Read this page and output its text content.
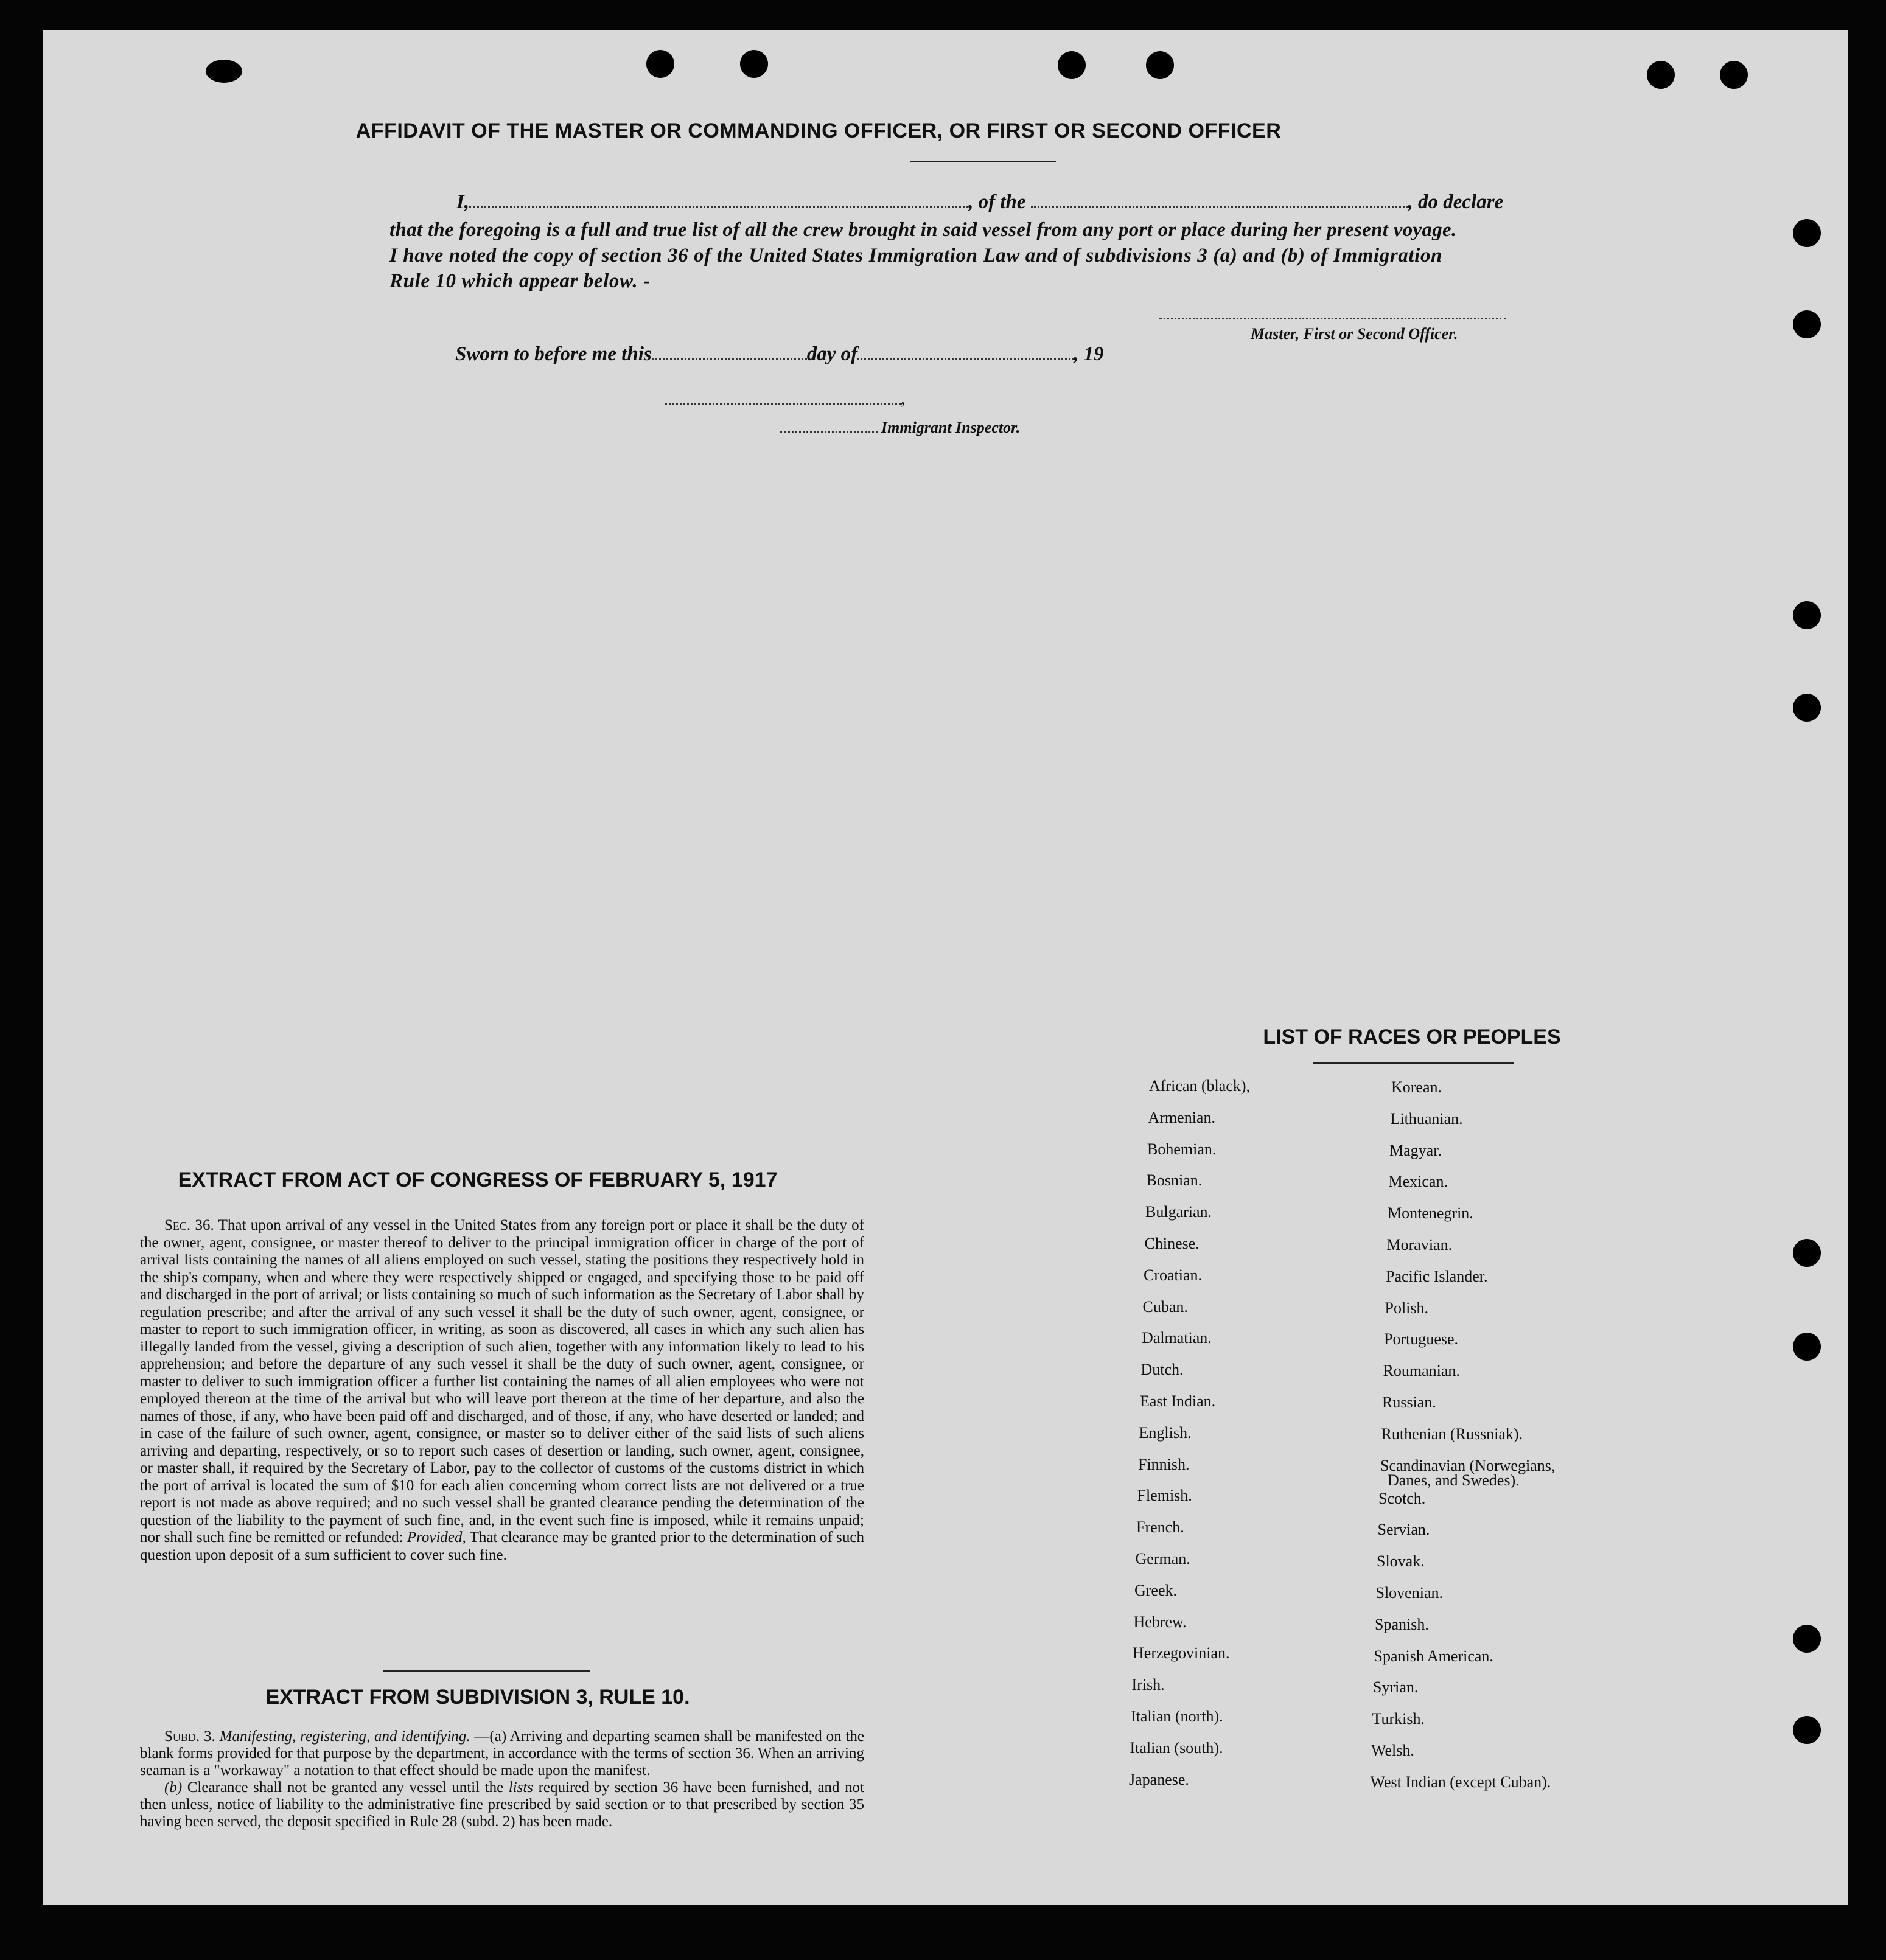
AFFIDAVIT OF THE MASTER OR COMMANDING OFFICER, OR FIRST OR SECOND OFFICER
I,	, of the	, do declare
that the foregoing is a full and true list of all the crew brought in said vessel from any port or place during her present voyage.
I have noted the copy of section 36 of the United States Immigration Law and of subdivisions 3 (a) and (b) of Immigration
Rule 10 which appear below. -
Master, First or Second Officer.
Sworn to before me this	day of	, 19
,
Immigrant Inspector.
EXTRACT FROM ACT OF CONGRESS OF FEBRUARY 5, 1917
Sec. 36. That upon arrival of any vessel in the United States from any foreign port or place it shall be the duty of the owner, agent, consignee, or master thereof to deliver to the principal immigration officer in charge of the port of arrival lists containing the names of all aliens employed on such vessel, stating the positions they respectively hold in the ship's company, when and where they were respectively shipped or engaged, and specifying those to be paid off and discharged in the port of arrival; or lists containing so much of such information as the Secretary of Labor shall by regulation prescribe; and after the arrival of any such vessel it shall be the duty of such owner, agent, consignee, or master to report to such immigration officer, in writing, as soon as discovered, all cases in which any such alien has illegally landed from the vessel, giving a description of such alien, together with any information likely to lead to his apprehension; and before the departure of any such vessel it shall be the duty of such owner, agent, consignee, or master to deliver to such immigration officer a further list containing the names of all alien employees who were not employed thereon at the time of the arrival but who will leave port thereon at the time of her departure, and also the names of those, if any, who have been paid off and discharged, and of those, if any, who have deserted or landed; and in case of the failure of such owner, agent, consignee, or master so to deliver either of the said lists of such aliens arriving and departing, respectively, or so to report such cases of desertion or landing, such owner, agent, consignee, or master shall, if required by the Secretary of Labor, pay to the collector of customs of the customs district in which the port of arrival is located the sum of $10 for each alien concerning whom correct lists are not delivered or a true report is not made as above required; and no such vessel shall be granted clearance pending the determination of the question of the liability to the payment of such fine, and, in the event such fine is imposed, while it remains unpaid; nor shall such fine be remitted or refunded: Provided, That clearance may be granted prior to the determination of such question upon deposit of a sum sufficient to cover such fine.
EXTRACT FROM SUBDIVISION 3, RULE 10.
Subd. 3. Manifesting, registering, and identifying. —(a) Arriving and departing seamen shall be manifested on the blank forms provided for that purpose by the department, in accordance with the terms of section 36. When an arriving seaman is a "workaway" a notation to that effect should be made upon the manifest.
(b) Clearance shall not be granted any vessel until the lists required by section 36 have been furnished, and not then unless, notice of liability to the administrative fine prescribed by said section or to that prescribed by section 35 having been served, the deposit specified in Rule 28 (subd. 2) has been made.
LIST OF RACES OR PEOPLES
African (black),
Armenian.
Bohemian.
Bosnian.
Bulgarian.
Chinese.
Croatian.
Cuban.
Dalmatian.
Dutch.
East Indian.
English.
Finnish.
Flemish.
French.
German.
Greek.
Hebrew.
Herzegovinian.
Irish.
Italian (north).
Italian (south).
Japanese.
Korean.
Lithuanian.
Magyar.
Mexican.
Montenegrin.
Moravian.
Pacific Islander.
Polish.
Portuguese.
Roumanian.
Russian.
Ruthenian (Russniak).
Scandinavian (Norwegians,
Danes, and Swedes).
Scotch.
Servian.
Slovak.
Slovenian.
Spanish.
Spanish American.
Syrian.
Turkish.
Welsh.
West Indian (except Cuban).
